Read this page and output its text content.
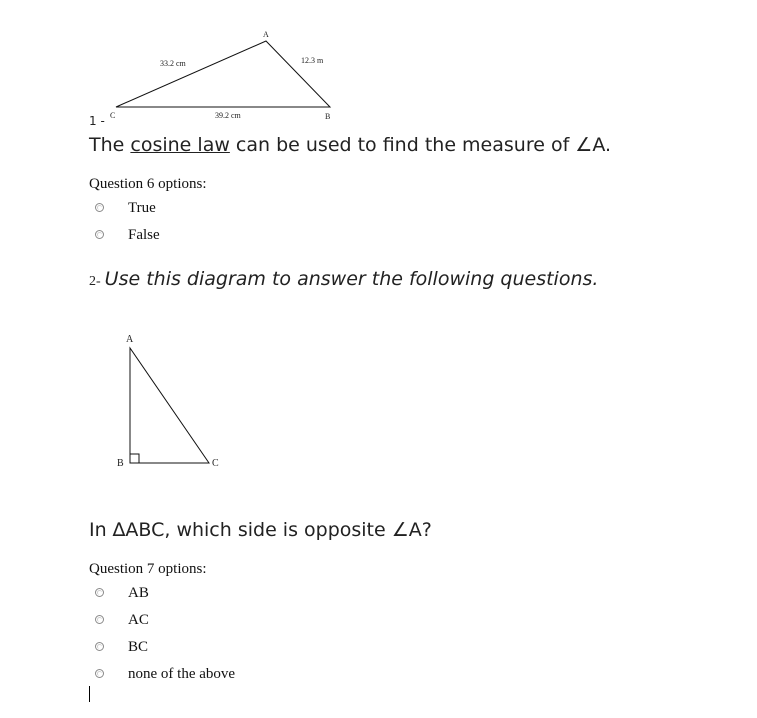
A
B
C
33.2 cm	12.3 m
39.2 cm
1 -
The cosine law can be used to find the measure of ∠A.
Question 6 options:
True
False
2- Use this diagram to answer the following questions.
A
B	C
In ∆ABC, which side is opposite ∠A?
Question 7 options:
AB
AC
BC
none of the above
